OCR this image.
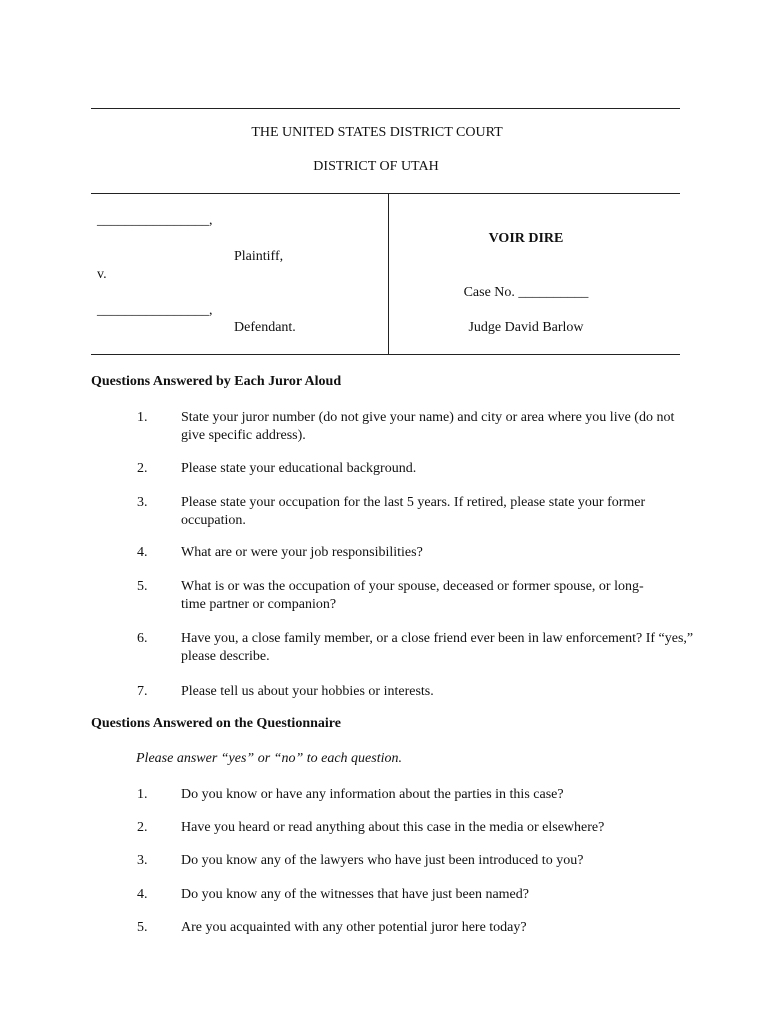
THE UNITED STATES DISTRICT COURT
DISTRICT OF UTAH
________________,
Plaintiff,
v.
________________,
Defendant.
VOIR DIRE
Case No. __________
Judge David Barlow
Questions Answered by Each Juror Aloud
1.	State your juror number (do not give your name) and city or area where you live (do not give specific address).
2.	Please state your educational background.
3.	Please state your occupation for the last 5 years. If retired, please state your former occupation.
4.	What are or were your job responsibilities?
5.	What is or was the occupation of your spouse, deceased or former spouse, or long-time partner or companion?
6.	Have you, a close family member, or a close friend ever been in law enforcement? If “yes,” please describe.
7.	Please tell us about your hobbies or interests.
Questions Answered on the Questionnaire
Please answer “yes” or “no” to each question.
1.	Do you know or have any information about the parties in this case?
2.	Have you heard or read anything about this case in the media or elsewhere?
3.	Do you know any of the lawyers who have just been introduced to you?
4.	Do you know any of the witnesses that have just been named?
5.	Are you acquainted with any other potential juror here today?
